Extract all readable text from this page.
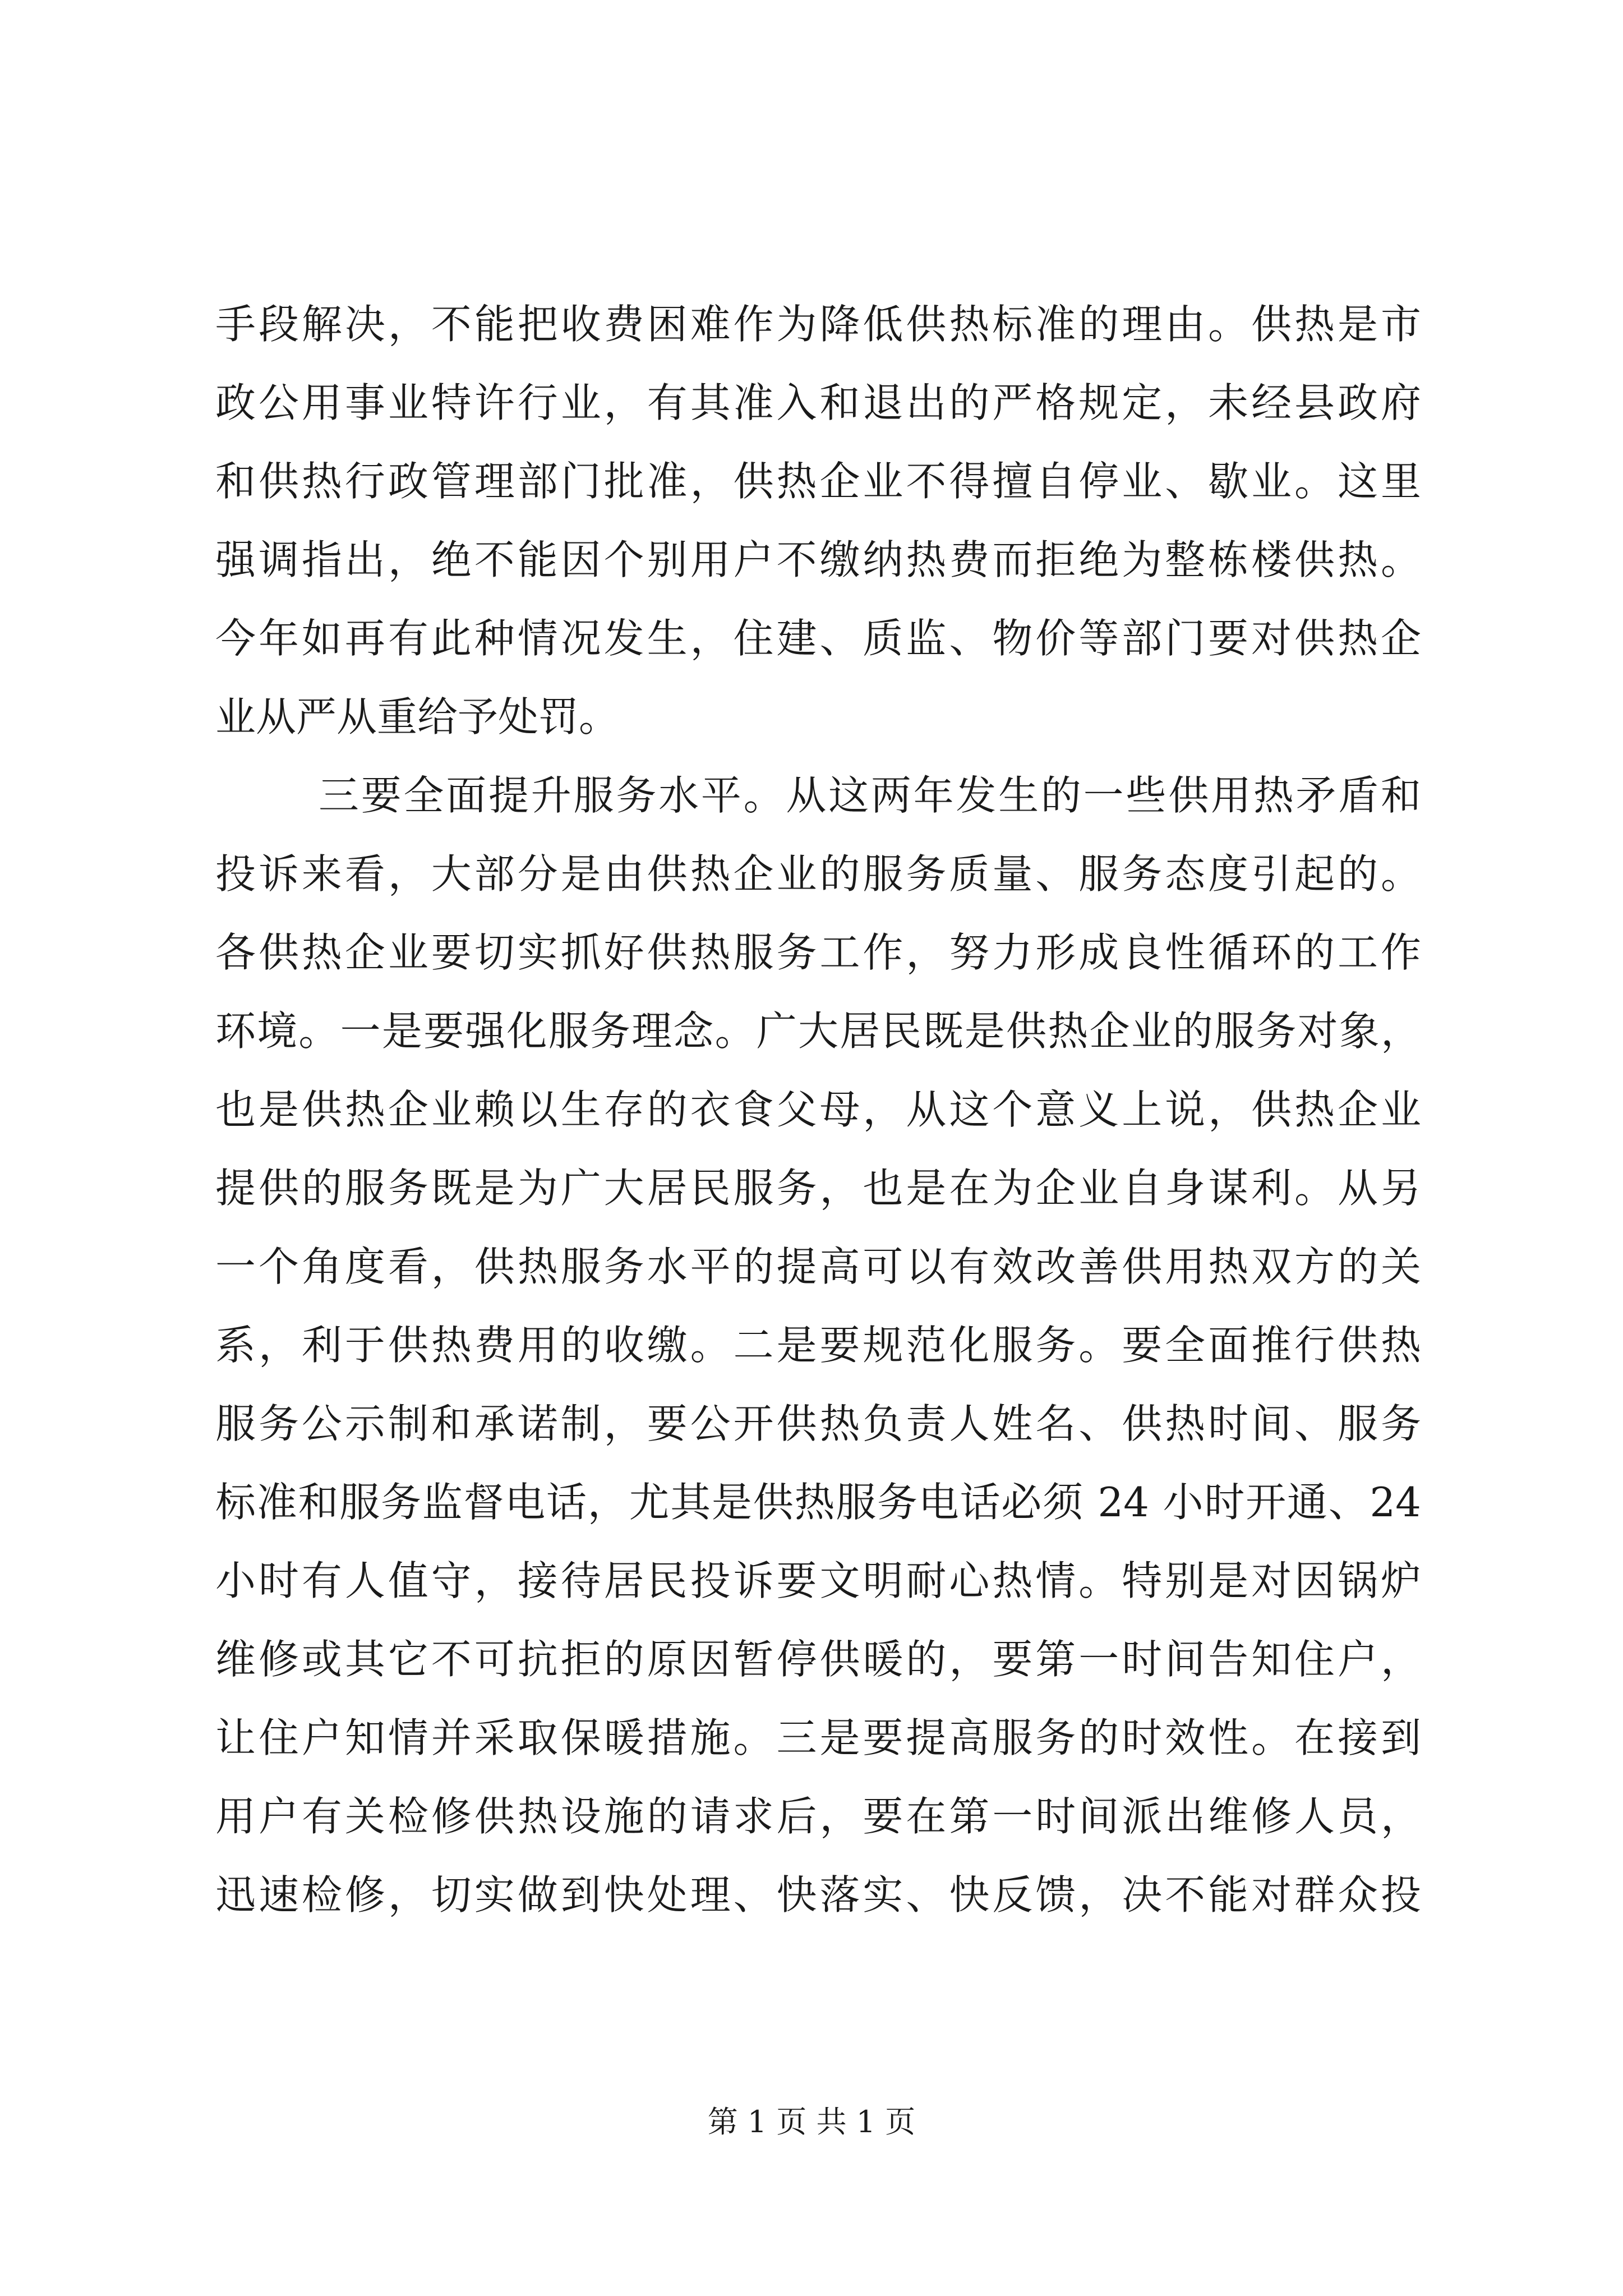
手段解决，不能把收费困难作为降低供热标准的理由。供热是市
政公用事业特许行业，有其准入和退出的严格规定，未经县政府
和供热行政管理部门批准，供热企业不得擅自停业、歇业。这里
强调指出，绝不能因个别用户不缴纳热费而拒绝为整栋楼供热。
今年如再有此种情况发生，住建、质监、物价等部门要对供热企
业从严从重给予处罚。
三要全面提升服务水平。从这两年发生的一些供用热矛盾和
投诉来看，大部分是由供热企业的服务质量、服务态度引起的。
各供热企业要切实抓好供热服务工作，努力形成良性循环的工作
环境。一是要强化服务理念。广大居民既是供热企业的服务对象，
也是供热企业赖以生存的衣食父母，从这个意义上说，供热企业
提供的服务既是为广大居民服务，也是在为企业自身谋利。从另
一个角度看，供热服务水平的提高可以有效改善供用热双方的关
系，利于供热费用的收缴。二是要规范化服务。要全面推行供热
服务公示制和承诺制，要公开供热负责人姓名、供热时间、服务
标准和服务监督电话，尤其是供热服务电话必须 24 小时开通、24
小时有人值守，接待居民投诉要文明耐心热情。特别是对因锅炉
维修或其它不可抗拒的原因暂停供暖的，要第一时间告知住户，
让住户知情并采取保暖措施。三是要提高服务的时效性。在接到
用户有关检修供热设施的请求后，要在第一时间派出维修人员，
迅速检修，切实做到快处理、快落实、快反馈，决不能对群众投
第 1 页 共 1 页
